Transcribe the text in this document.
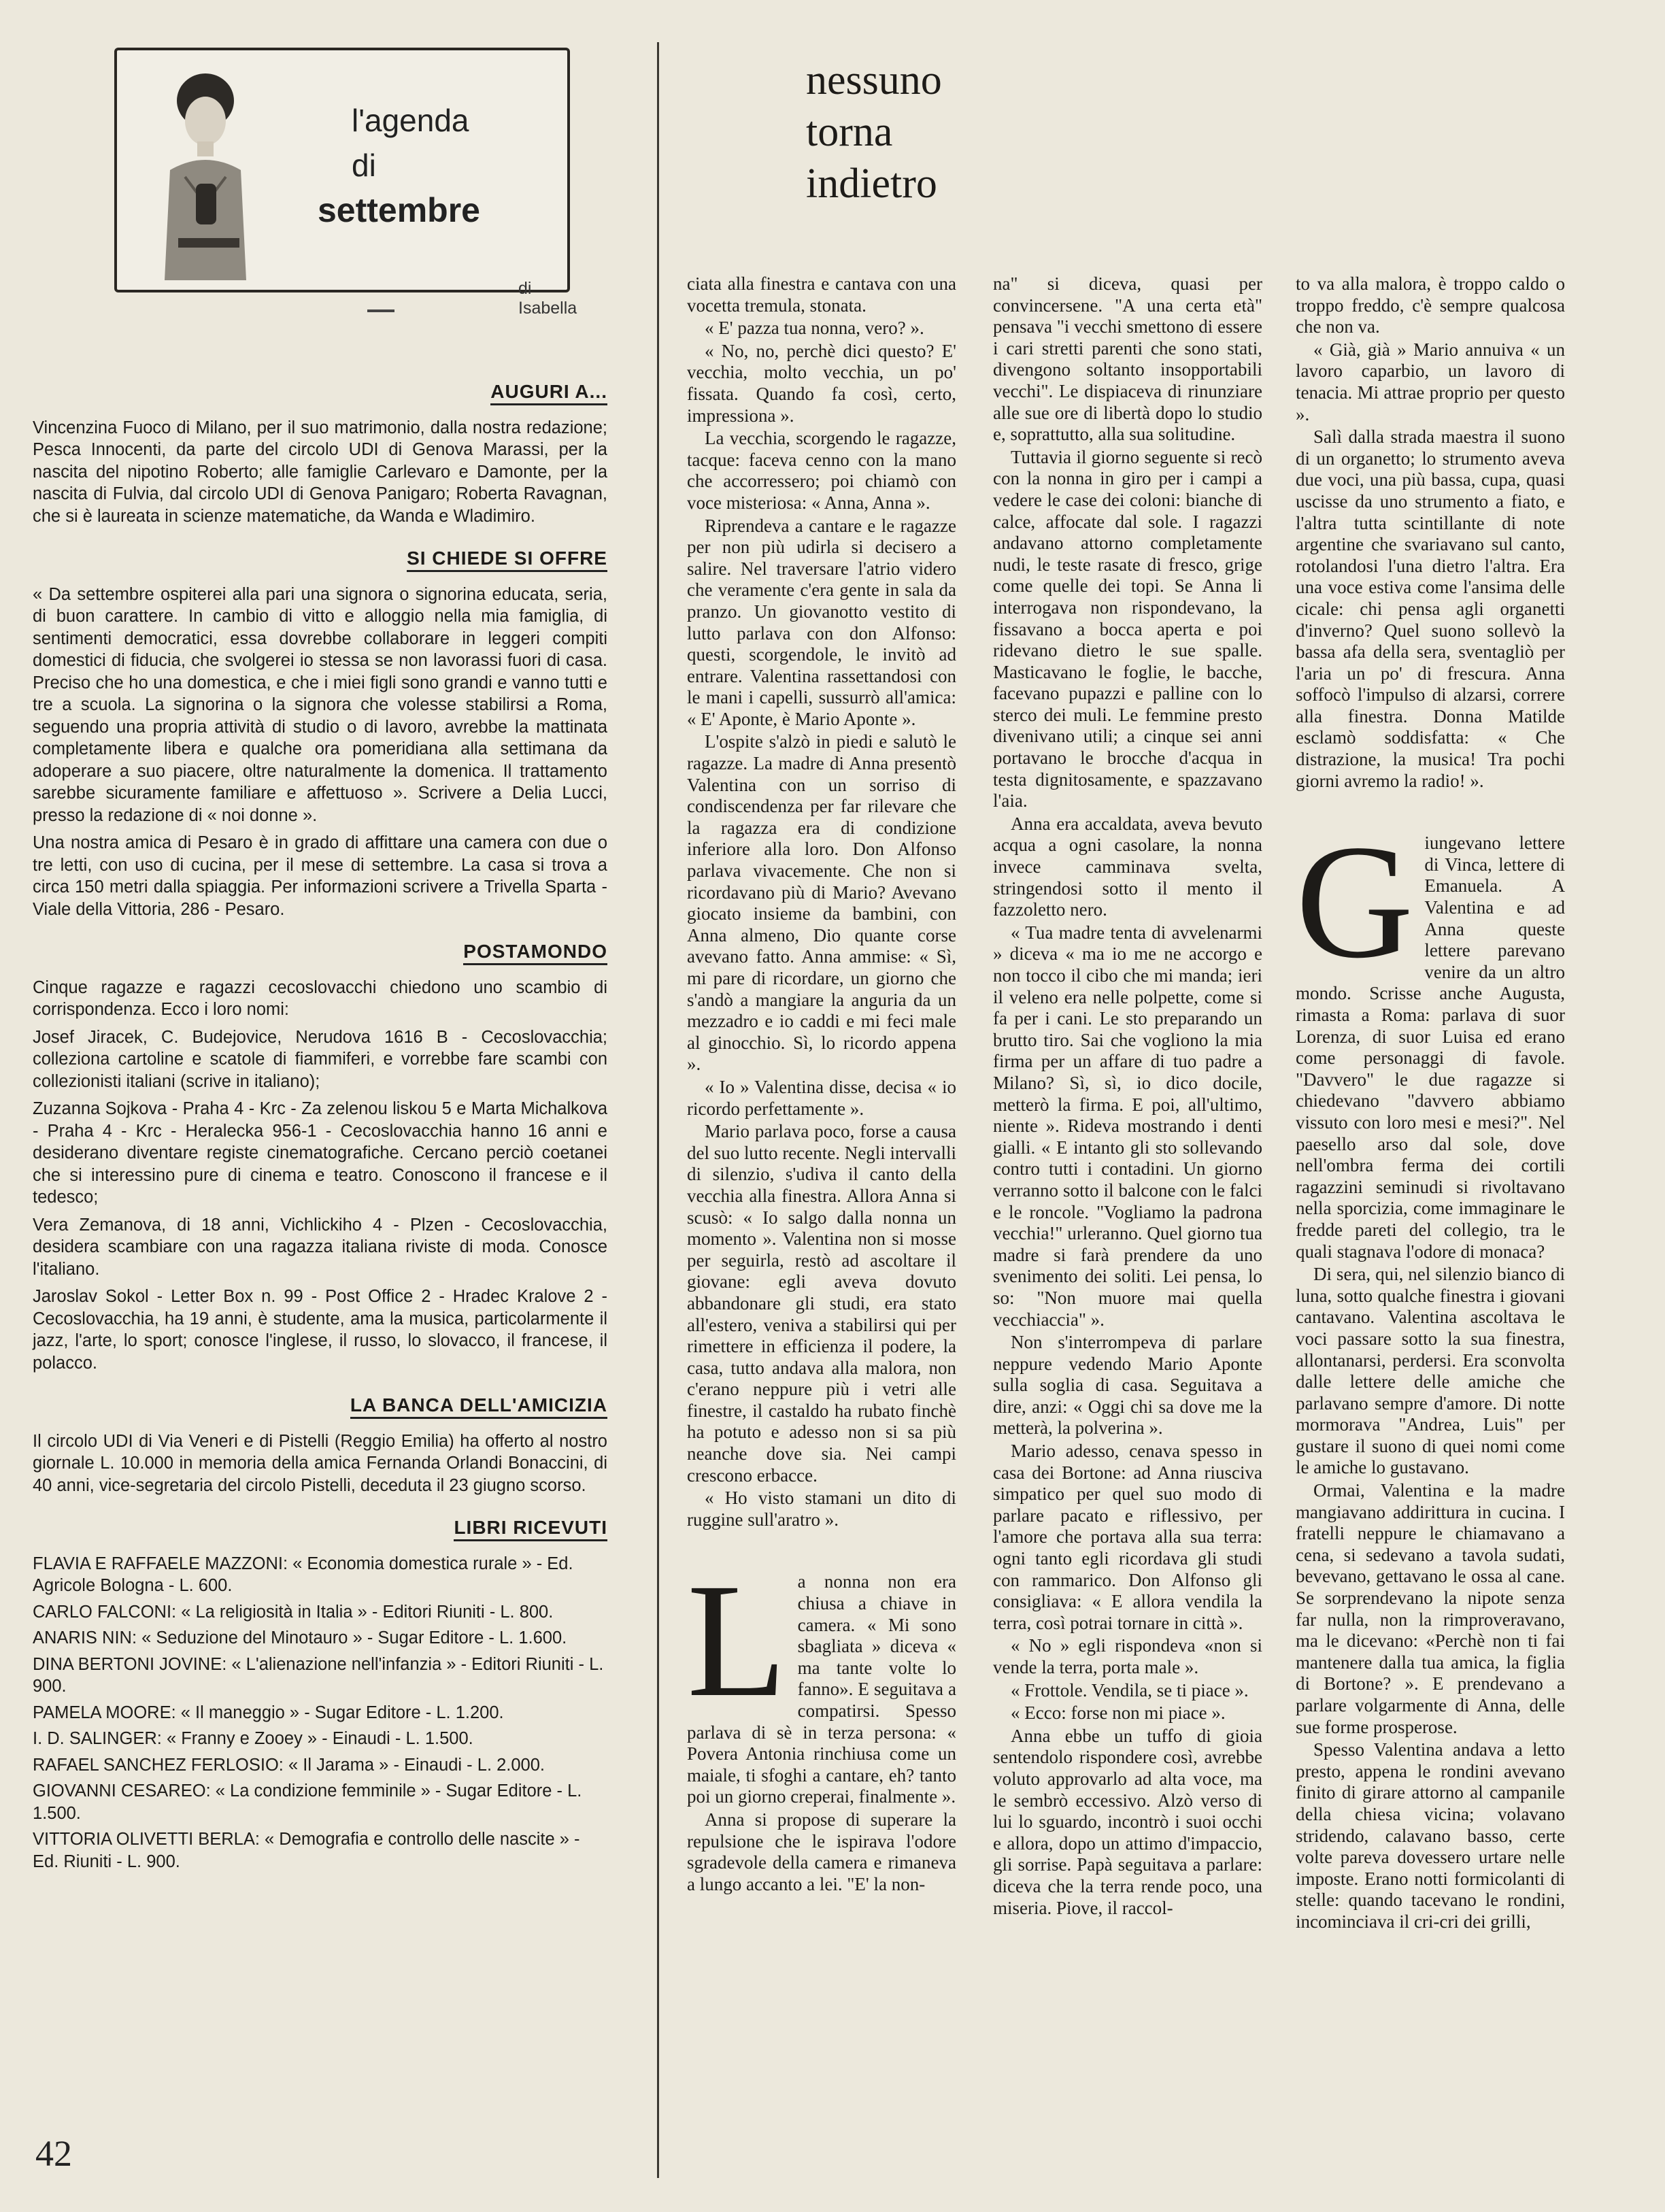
l'agenda
di
settembre
di Isabella
AUGURI A...

Vincenzina Fuoco di Milano, per il suo matrimonio, dalla nostra redazione; Pesca Innocenti, da parte del circolo UDI di Genova Marassi, per la nascita del nipotino Roberto; alle famiglie Carlevaro e Damonte, per la nascita di Fulvia, dal circolo UDI di Genova Panigaro; Roberta Ravagnan, che si è laureata in scienze matematiche, da Wanda e Wladimiro.

SI CHIEDE SI OFFRE

« Da settembre ospiterei alla pari una signora o signorina educata, seria, di buon carattere. In cambio di vitto e alloggio nella mia famiglia, di sentimenti democratici, essa dovrebbe collaborare in leggeri compiti domestici di fiducia, che svolgerei io stessa se non lavorassi fuori di casa. Preciso che ho una domestica, e che i miei figli sono grandi e vanno tutti e tre a scuola. La signorina o la signora che volesse stabilirsi a Roma, seguendo una propria attività di studio o di lavoro, avrebbe la mattinata completamente libera e qualche ora pomeridiana alla settimana da adoperare a suo piacere, oltre naturalmente la domenica. Il trattamento sarebbe sicuramente familiare e affettuoso ». Scrivere a Delia Lucci, presso la redazione di « noi donne ».

Una nostra amica di Pesaro è in grado di affittare una camera con due o tre letti, con uso di cucina, per il mese di settembre. La casa si trova a circa 150 metri dalla spiaggia. Per informazioni scrivere a Trivella Sparta - Viale della Vittoria, 286 - Pesaro.

POSTAMONDO

Cinque ragazze e ragazzi cecoslovacchi chiedono uno scambio di corrispondenza. Ecco i loro nomi:

Josef Jiracek, C. Budejovice, Nerudova 1616 B - Cecoslovacchia; colleziona cartoline e scatole di fiammiferi, e vorrebbe fare scambi con collezionisti italiani (scrive in italiano);

Zuzanna Sojkova - Praha 4 - Krc - Za zelenou liskou 5 e Marta Michalkova - Praha 4 - Krc - Heralecka 956-1 - Cecoslovacchia hanno 16 anni e desiderano diventare registe cinematografiche. Cercano perciò coetanei che si interessino pure di cinema e teatro. Conoscono il francese e il tedesco;

Vera Zemanova, di 18 anni, Vichlickiho 4 - Plzen - Cecoslovacchia, desidera scambiare con una ragazza italiana riviste di moda. Conosce l'italiano.

Jaroslav Sokol - Letter Box n. 99 - Post Office 2 - Hradec Kralove 2 - Cecoslovacchia, ha 19 anni, è studente, ama la musica, particolarmente il jazz, l'arte, lo sport; conosce l'inglese, il russo, lo slovacco, il francese, il polacco.

LA BANCA DELL'AMICIZIA

Il circolo UDI di Via Veneri e di Pistelli (Reggio Emilia) ha offerto al nostro giornale L. 10.000 in memoria della amica Fernanda Orlandi Bonaccini, di 40 anni, vice-segretaria del circolo Pistelli, deceduta il 23 giugno scorso.

LIBRI RICEVUTI

FLAVIA E RAFFAELE MAZZONI: « Economia domestica rurale » - Ed. Agricole Bologna - L. 600.

CARLO FALCONI: « La religiosità in Italia » - Editori Riuniti - L. 800.

ANARIS NIN: « Seduzione del Minotauro » - Sugar Editore - L. 1.600.

DINA BERTONI JOVINE: « L'alienazione nell'infanzia » - Editori Riuniti - L. 900.

PAMELA MOORE: « Il maneggio » - Sugar Editore - L. 1.200.

I. D. SALINGER: « Franny e Zooey » - Einaudi - L. 1.500.

RAFAEL SANCHEZ FERLOSIO: « Il Jarama » - Einaudi - L. 2.000.

GIOVANNI CESAREO: « La condizione femminile » - Sugar Editore - L. 1.500.

VITTORIA OLIVETTI BERLA: « Demografia e controllo delle nascite » - Ed. Riuniti - L. 900.

42
nessuno
torna
indietro

ciata alla finestra e cantava con una vocetta tremula, stonata.

« E' pazza tua nonna, vero? ».

« No, no, perchè dici questo? E' vecchia, molto vecchia, un po' fissata. Quando fa così, certo, impressiona ».

La vecchia, scorgendo le ragazze, tacque: faceva cenno con la mano che accorressero; poi chiamò con voce misteriosa: « Anna, Anna ».

Riprendeva a cantare e le ragazze per non più udirla si decisero a salire. Nel traversare l'atrio videro che veramente c'era gente in sala da pranzo. Un giovanotto vestito di lutto parlava con don Alfonso: questi, scorgendole, le invitò ad entrare. Valentina rassettandosi con le mani i capelli, sussurrò all'amica: « E' Aponte, è Mario Aponte ».

L'ospite s'alzò in piedi e salutò le ragazze. La madre di Anna presentò Valentina con un sorriso di condiscendenza per far rilevare che la ragazza era di condizione inferiore alla loro. Don Alfonso parlava vivacemente. Che non si ricordavano più di Mario? Avevano giocato insieme da bambini, con Anna almeno, Dio quante corse avevano fatto. Anna ammise: « Sì, mi pare di ricordare, un giorno che s'andò a mangiare la anguria da un mezzadro e io caddi e mi feci male al ginocchio. Sì, lo ricordo appena ».

« Io » Valentina disse, decisa « io ricordo perfettamente ».

Mario parlava poco, forse a causa del suo lutto recente. Negli intervalli di silenzio, s'udiva il canto della vecchia alla finestra. Allora Anna si scusò: « Io salgo dalla nonna un momento ». Valentina non si mosse per seguirla, restò ad ascoltare il giovane: egli aveva dovuto abbandonare gli studi, era stato all'estero, veniva a stabilirsi qui per rimettere in efficienza il podere, la casa, tutto andava alla malora, non c'erano neppure più i vetri alle finestre, il castaldo ha rubato finchè ha potuto e adesso non si sa più neanche dove sia. Nei campi crescono erbacce.

« Ho visto stamani un dito di ruggine sull'aratro ».

L a nonna non era chiusa a chiave in camera. « Mi sono sbagliata » diceva « ma tante volte lo fanno». E seguitava a compatirsi. Spesso parlava di sè in terza persona: « Povera Antonia rinchiusa come un maiale, ti sfoghi a cantare, eh? tanto poi un giorno creperai, finalmente ».

Anna si propose di superare la repulsione che le ispirava l'odore sgradevole della camera e rimaneva a lungo accanto a lei. "E' la non-

na" si diceva, quasi per convincersene. "A una certa età" pensava "i vecchi smettono di essere i cari stretti parenti che sono stati, divengono soltanto insopportabili vecchi". Le dispiaceva di rinunziare alle sue ore di libertà dopo lo studio e, soprattutto, alla sua solitudine.

Tuttavia il giorno seguente si recò con la nonna in giro per i campi a vedere le case dei coloni: bianche di calce, affocate dal sole. I ragazzi andavano attorno completamente nudi, le teste rasate di fresco, grige come quelle dei topi. Se Anna li interrogava non rispondevano, la fissavano a bocca aperta e poi ridevano dietro le sue spalle. Masticavano le foglie, le bacche, facevano pupazzi e palline con lo sterco dei muli. Le femmine presto divenivano utili; a cinque sei anni portavano le brocche d'acqua in testa dignitosamente, e spazzavano l'aia.

Anna era accaldata, aveva bevuto acqua a ogni casolare, la nonna invece camminava svelta, stringendosi sotto il mento il fazzoletto nero.

« Tua madre tenta di avvelenarmi » diceva « ma io me ne accorgo e non tocco il cibo che mi manda; ieri il veleno era nelle polpette, come si fa per i cani. Le sto preparando un brutto tiro. Sai che vogliono la mia firma per un affare di tuo padre a Milano? Sì, sì, io dico docile, metterò la firma. E poi, all'ultimo, niente ». Rideva mostrando i denti gialli. « E intanto gli sto sollevando contro tutti i contadini. Un giorno verranno sotto il balcone con le falci e le roncole. "Vogliamo la padrona vecchia!" urleranno. Quel giorno tua madre si farà prendere da uno svenimento dei soliti. Lei pensa, lo so: "Non muore mai quella vecchiaccia" ».

Non s'interrompeva di parlare neppure vedendo Mario Aponte sulla soglia di casa. Seguitava a dire, anzi: « Oggi chi sa dove me la metterà, la polverina ».

Mario adesso, cenava spesso in casa dei Bortone: ad Anna riusciva simpatico per quel suo modo di parlare pacato e riflessivo, per l'amore che portava alla sua terra: ogni tanto egli ricordava gli studi con rammarico. Don Alfonso gli consigliava: « E allora vendila la terra, così potrai tornare in città ».

« No » egli rispondeva «non si vende la terra, porta male ».

« Frottole. Vendila, se ti piace ».

« Ecco: forse non mi piace ».

Anna ebbe un tuffo di gioia sentendolo rispondere così, avrebbe voluto approvarlo ad alta voce, ma le sembrò eccessivo. Alzò verso di lui lo sguardo, incontrò i suoi occhi e allora, dopo un attimo d'impaccio, gli sorrise. Papà seguitava a parlare: diceva che la terra rende poco, una miseria. Piove, il raccol-

to va alla malora, è troppo caldo o troppo freddo, c'è sempre qualcosa che non va.

« Già, già » Mario annuiva « un lavoro caparbio, un lavoro di tenacia. Mi attrae proprio per questo ».

Salì dalla strada maestra il suono di un organetto; lo strumento aveva due voci, una più bassa, cupa, quasi uscisse da uno strumento a fiato, e l'altra tutta scintillante di note argentine che svariavano sul canto, rotolandosi l'una dietro l'altra. Era una voce estiva come l'ansima delle cicale: chi pensa agli organetti d'inverno? Quel suono sollevò la bassa afa della sera, sventagliò per l'aria un po' di frescura. Anna soffocò l'impulso di alzarsi, correre alla finestra. Donna Matilde esclamò soddisfatta: « Che distrazione, la musica! Tra pochi giorni avremo la radio! ».

G iungevano lettere di Vinca, lettere di Emanuela. A Valentina e ad Anna queste lettere parevano venire da un altro mondo. Scrisse anche Augusta, rimasta a Roma: parlava di suor Lorenza, di suor Luisa ed erano come personaggi di favole. "Davvero" le due ragazze si chiedevano "davvero abbiamo vissuto con loro mesi e mesi?". Nel paesello arso dal sole, dove nell'ombra ferma dei cortili ragazzini seminudi si rivoltavano nella sporcizia, come immaginare le fredde pareti del collegio, tra le quali stagnava l'odore di monaca?

Di sera, qui, nel silenzio bianco di luna, sotto qualche finestra i giovani cantavano. Valentina ascoltava le voci passare sotto la sua finestra, allontanarsi, perdersi. Era sconvolta dalle lettere delle amiche che parlavano sempre d'amore. Di notte mormorava "Andrea, Luis" per gustare il suono di quei nomi come le amiche lo gustavano.

Ormai, Valentina e la madre mangiavano addirittura in cucina. I fratelli neppure le chiamavano a cena, si sedevano a tavola sudati, bevevano, gettavano le ossa al cane. Se sorprendevano la nipote senza far nulla, non la rimproveravano, ma le dicevano: «Perchè non ti fai mantenere dalla tua amica, la figlia di Bortone? ». E prendevano a parlare volgarmente di Anna, delle sue forme prosperose.

Spesso Valentina andava a letto presto, appena le rondini avevano finito di girare attorno al campanile della chiesa vicina; volavano stridendo, calavano basso, certe volte pareva dovessero urtare nelle imposte. Erano notti formicolanti di stelle: quando tacevano le rondini, incominciava il cri-cri dei grilli,
